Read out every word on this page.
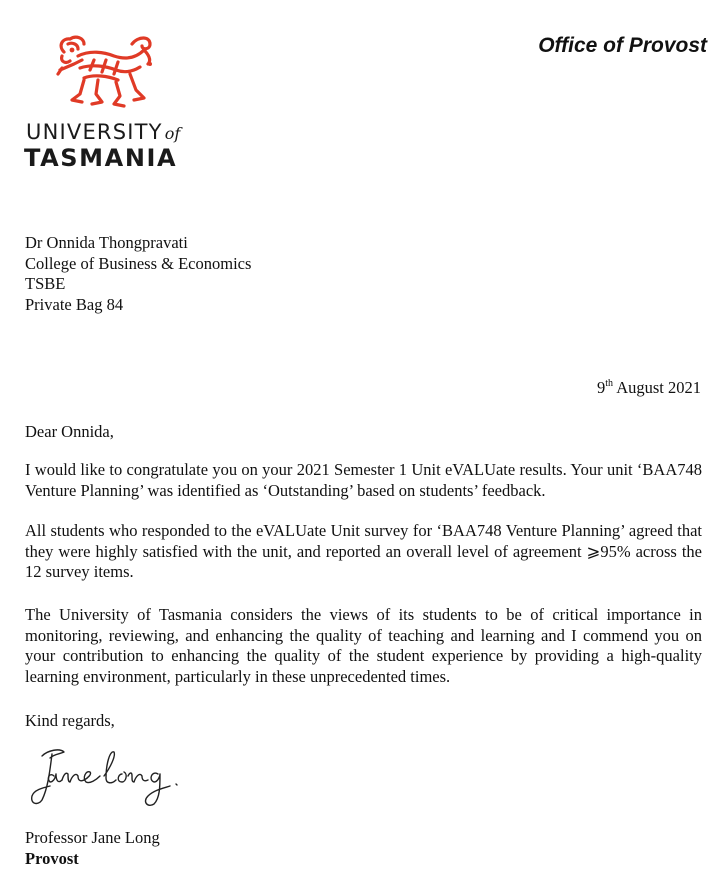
UNIVERSITY of
TASMANIA
Office of Provost
Dr Onnida Thongpravati
College of Business & Economics
TSBE
Private Bag 84
9th August 2021
Dear Onnida,
I would like to congratulate you on your 2021 Semester 1 Unit eVALUate results. Your unit ‘BAA748 Venture Planning’ was identified as ‘Outstanding’ based on students’ feedback.
All students who responded to the eVALUate Unit survey for ‘BAA748 Venture Planning’ agreed that they were highly satisfied with the unit, and reported an overall level of agreement ⩾95% across the 12 survey items.
The University of Tasmania considers the views of its students to be of critical importance in monitoring, reviewing, and enhancing the quality of teaching and learning and I commend you on your contribution to enhancing the quality of the student experience by providing a high-quality learning environment, particularly in these unprecedented times.
Kind regards,
Professor Jane Long
Provost
